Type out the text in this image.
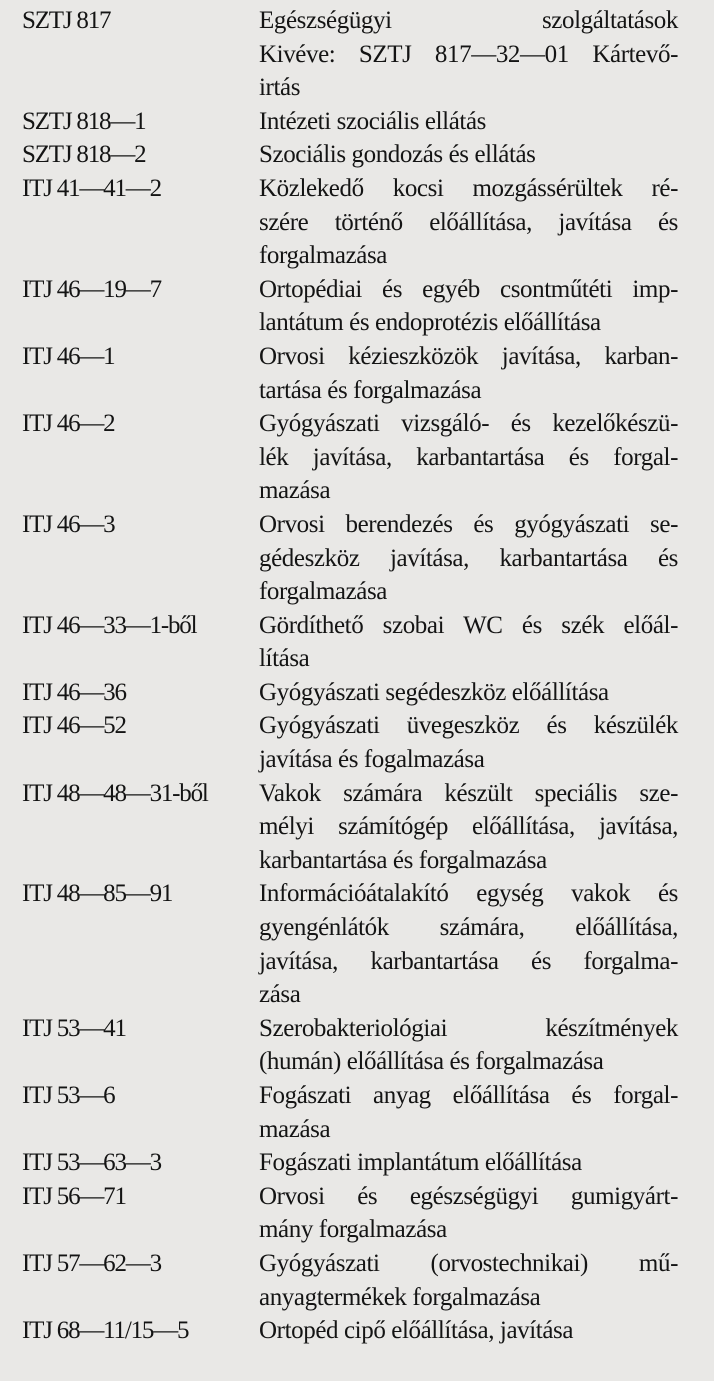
SZTJ 817	Egészségügyi szolgáltatások
Kivéve: SZTJ 817—32—01 Kártevő-
irtás
SZTJ 818—1	Intézeti szociális ellátás
SZTJ 818—2	Szociális gondozás és ellátás
ITJ 41—41—2	Közlekedő kocsi mozgássérültek ré-
szére történő előállítása, javítása és
forgalmazása
ITJ 46—19—7	Ortopédiai és egyéb csontműtéti imp-
lantátum és endoprotézis előállítása
ITJ 46—1	Orvosi kézieszközök javítása, karban-
tartása és forgalmazása
ITJ 46—2	Gyógyászati vizsgáló- és kezelőkészü-
lék javítása, karbantartása és forgal-
mazása
ITJ 46—3	Orvosi berendezés és gyógyászati se-
gédeszköz javítása, karbantartása és
forgalmazása
ITJ 46—33—1-ből	Gördíthető szobai WC és szék előál-
lítása
ITJ 46—36	Gyógyászati segédeszköz előállítása
ITJ 46—52	Gyógyászati üvegeszköz és készülék
javítása és fogalmazása
ITJ 48—48—31-ből	Vakok számára készült speciális sze-
mélyi számítógép előállítása, javítása,
karbantartása és forgalmazása
ITJ 48—85—91	Információátalakító egység vakok és
gyengénlátók számára, előállítása,
javítása, karbantartása és forgalma-
zása
ITJ 53—41	Szerobakteriológiai készítmények
(humán) előállítása és forgalmazása
ITJ 53—6	Fogászati anyag előállítása és forgal-
mazása
ITJ 53—63—3	Fogászati implantátum előállítása
ITJ 56—71	Orvosi és egészségügyi gumigyárt-
mány forgalmazása
ITJ 57—62—3	Gyógyászati (orvostechnikai) mű-
anyagtermékek forgalmazása
ITJ 68—11/15—5	Ortopéd cipő előállítása, javítása
